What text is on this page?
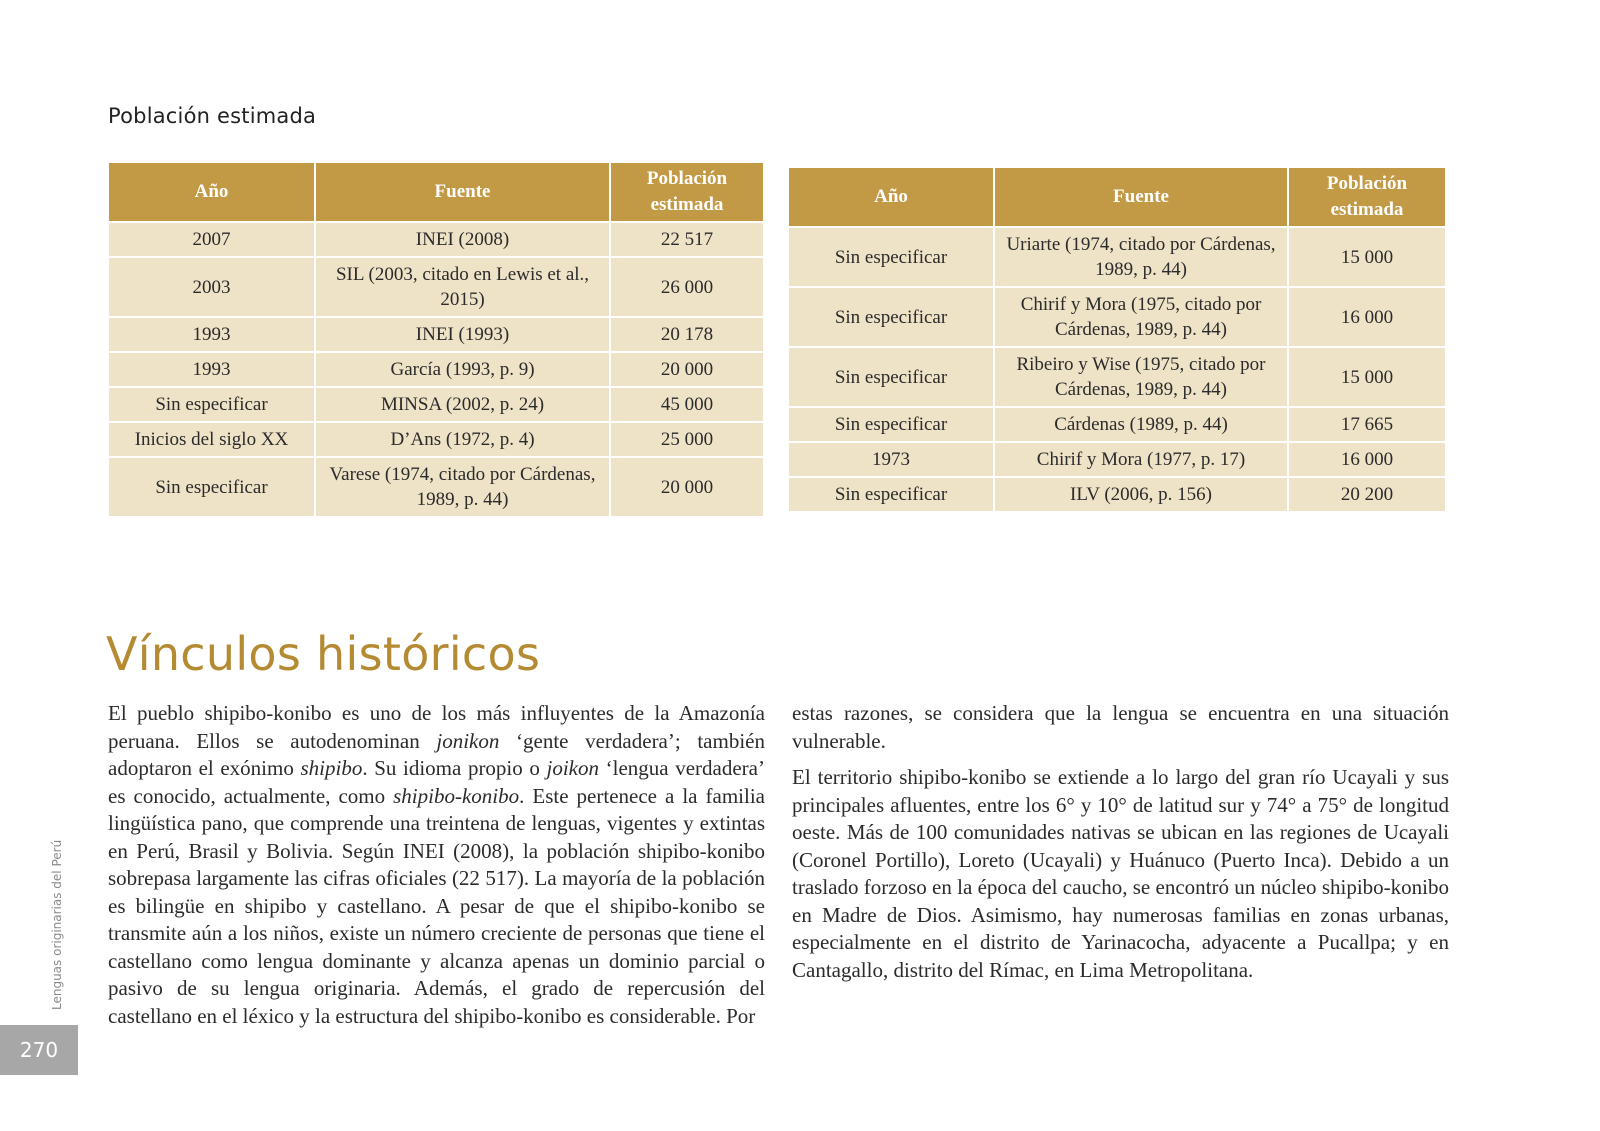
Población estimada
Año	Fuente	Población estimada
2007	INEI (2008)	22 517
2003	SIL (2003, citado en Lewis et al., 2015)	26 000
1993	INEI (1993)	20 178
1993	García (1993, p. 9)	20 000
Sin especificar	MINSA (2002, p. 24)	45 000
Inicios del siglo XX	D’Ans (1972, p. 4)	25 000
Sin especificar	Varese (1974, citado por Cárdenas, 1989, p. 44)	20 000
Año	Fuente	Población estimada
Sin especificar	Uriarte (1974, citado por Cárdenas, 1989, p. 44)	15 000
Sin especificar	Chirif y Mora (1975, citado por Cárdenas, 1989, p. 44)	16 000
Sin especificar	Ribeiro y Wise (1975, citado por Cárdenas, 1989, p. 44)	15 000
Sin especificar	Cárdenas (1989, p. 44)	17 665
1973	Chirif y Mora (1977, p. 17)	16 000
Sin especificar	ILV (2006, p. 156)	20 200
Vínculos históricos

El pueblo shipibo-konibo es uno de los más influyentes de la Amazonía peruana. Ellos se autodenominan jonikon ‘gente verdadera’; también adoptaron el exónimo shipibo. Su idioma propio o joikon ‘lengua verdadera’ es conocido, actualmente, como shipibo-konibo. Este pertenece a la familia lingüística pano, que comprende una treintena de lenguas, vigentes y extintas en Perú, Brasil y Bolivia. Según INEI (2008), la población shipibo-konibo sobrepasa largamente las cifras oficiales (22 517). La mayoría de la población es bilingüe en shipibo y castellano. A pesar de que el shipibo-konibo se transmite aún a los niños, existe un número creciente de personas que tiene el castellano como lengua dominante y alcanza apenas un dominio parcial o pasivo de su lengua originaria. Además, el grado de repercusión del castellano en el léxico y la estructura del shipibo-konibo es considerable. Por

estas razones, se considera que la lengua se encuentra en una situación vulnerable.

El territorio shipibo-konibo se extiende a lo largo del gran río Ucayali y sus principales afluentes, entre los 6° y 10° de latitud sur y 74° a 75° de longitud oeste. Más de 100 comunidades nativas se ubican en las regiones de Ucayali (Coronel Portillo), Loreto (Ucayali) y Huánuco (Puerto Inca). Debido a un traslado forzoso en la época del caucho, se encontró un núcleo shipibo-konibo en Madre de Dios. Asimismo, hay numerosas familias en zonas urbanas, especialmente en el distrito de Yarinacocha, adyacente a Pucallpa; y en Cantagallo, distrito del Rímac, en Lima Metropolitana.

Lenguas originarias del Perú
270
